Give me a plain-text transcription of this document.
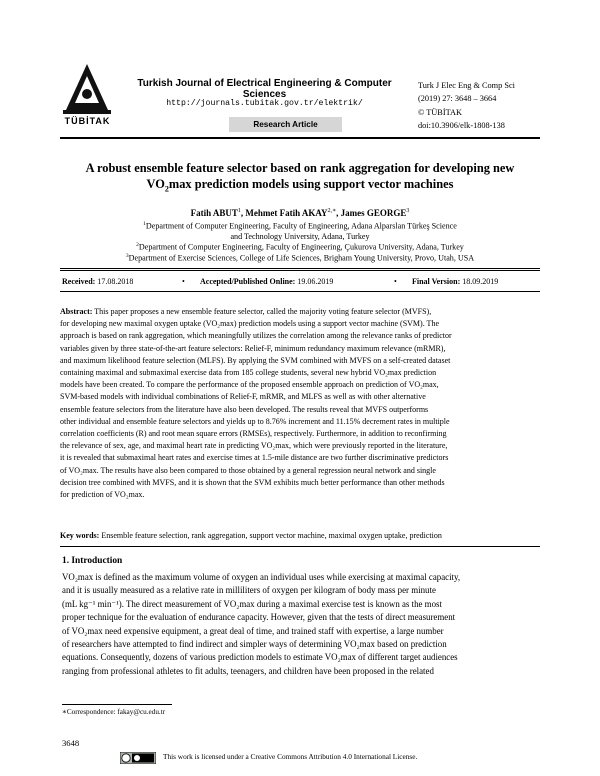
TÜBİTAK
Turkish Journal of Electrical Engineering & Computer Sciences
http://journals.tubitak.gov.tr/elektrik/
Research Article
Turk J Elec Eng & Comp Sci
(2019) 27: 3648 – 3664
© TÜBİTAK
doi:10.3906/elk-1808-138
A robust ensemble feature selector based on rank aggregation for developing new
$VO_2\max$ prediction models using support vector machines
Fatih ABUT$^1$, Mehmet Fatih $AKAY^{2,∗}$, James GEORGE$^3$
$^1$Department of Computer Engineering, Faculty of Engineering, Adana Alparslan Türkeş Science
and Technology University, Adana, Turkey
$^2$Department of Computer Engineering, Faculty of Engineering, Çukurova University, Adana, Turkey
$^3$Department of Exercise Sciences, College of Life Sciences, Brigham Young University, Provo, Utah, USA
Received: 17.08.2018	• Accepted/Published Online: 19.06.2019	• Final Version: 18.09.2019
Abstract: This paper proposes a new ensemble feature selector, called the majority voting feature selector (MVFS),
for developing new maximal oxygen uptake (VO₂max) prediction models using a support vector machine (SVM). The
approach is based on rank aggregation, which meaningfully utilizes the correlation among the relevance ranks of predictor
variables given by three state-of-the-art feature selectors: Relief-F, minimum redundancy maximum relevance (mRMR),
and maximum likelihood feature selection (MLFS). By applying the SVM combined with MVFS on a self-created dataset
containing maximal and submaximal exercise data from 185 college students, several new hybrid VO₂max prediction
models have been created. To compare the performance of the proposed ensemble approach on prediction of VO₂max,
SVM-based models with individual combinations of Relief-F, mRMR, and MLFS as well as with other alternative
ensemble feature selectors from the literature have also been developed. The results reveal that MVFS outperforms
other individual and ensemble feature selectors and yields up to 8.76% increment and 11.15% decrement rates in multiple
correlation coefficients (R) and root mean square errors (RMSEs), respectively. Furthermore, in addition to reconfirming
the relevance of sex, age, and maximal heart rate in predicting VO₂max, which were previously reported in the literature,
it is revealed that submaximal heart rates and exercise times at 1.5-mile distance are two further discriminative predictors
of VO₂max. The results have also been compared to those obtained by a general regression neural network and single
decision tree combined with MVFS, and it is shown that the SVM exhibits much better performance than other methods
for prediction of VO₂max.
Key words: Ensemble feature selection, rank aggregation, support vector machine, maximal oxygen uptake, prediction
1. Introduction
VO₂max is defined as the maximum volume of oxygen an individual uses while exercising at maximal capacity,
and it is usually measured as a relative rate in milliliters of oxygen per kilogram of body mass per minute
(mL kg⁻¹ min⁻¹). The direct measurement of VO₂max during a maximal exercise test is known as the most
proper technique for the evaluation of endurance capacity. However, given that the tests of direct measurement
of VO₂max need expensive equipment, a great deal of time, and trained staff with expertise, a large number
of researchers have attempted to find indirect and simpler ways of determining VO₂max based on prediction
equations. Consequently, dozens of various prediction models to estimate VO₂max of different target audiences
ranging from professional athletes to fit adults, teenagers, and children have been proposed in the related
∗Correspondence: fakay@cu.edu.tr
3648
This work is licensed under a Creative Commons Attribution 4.0 International License.
